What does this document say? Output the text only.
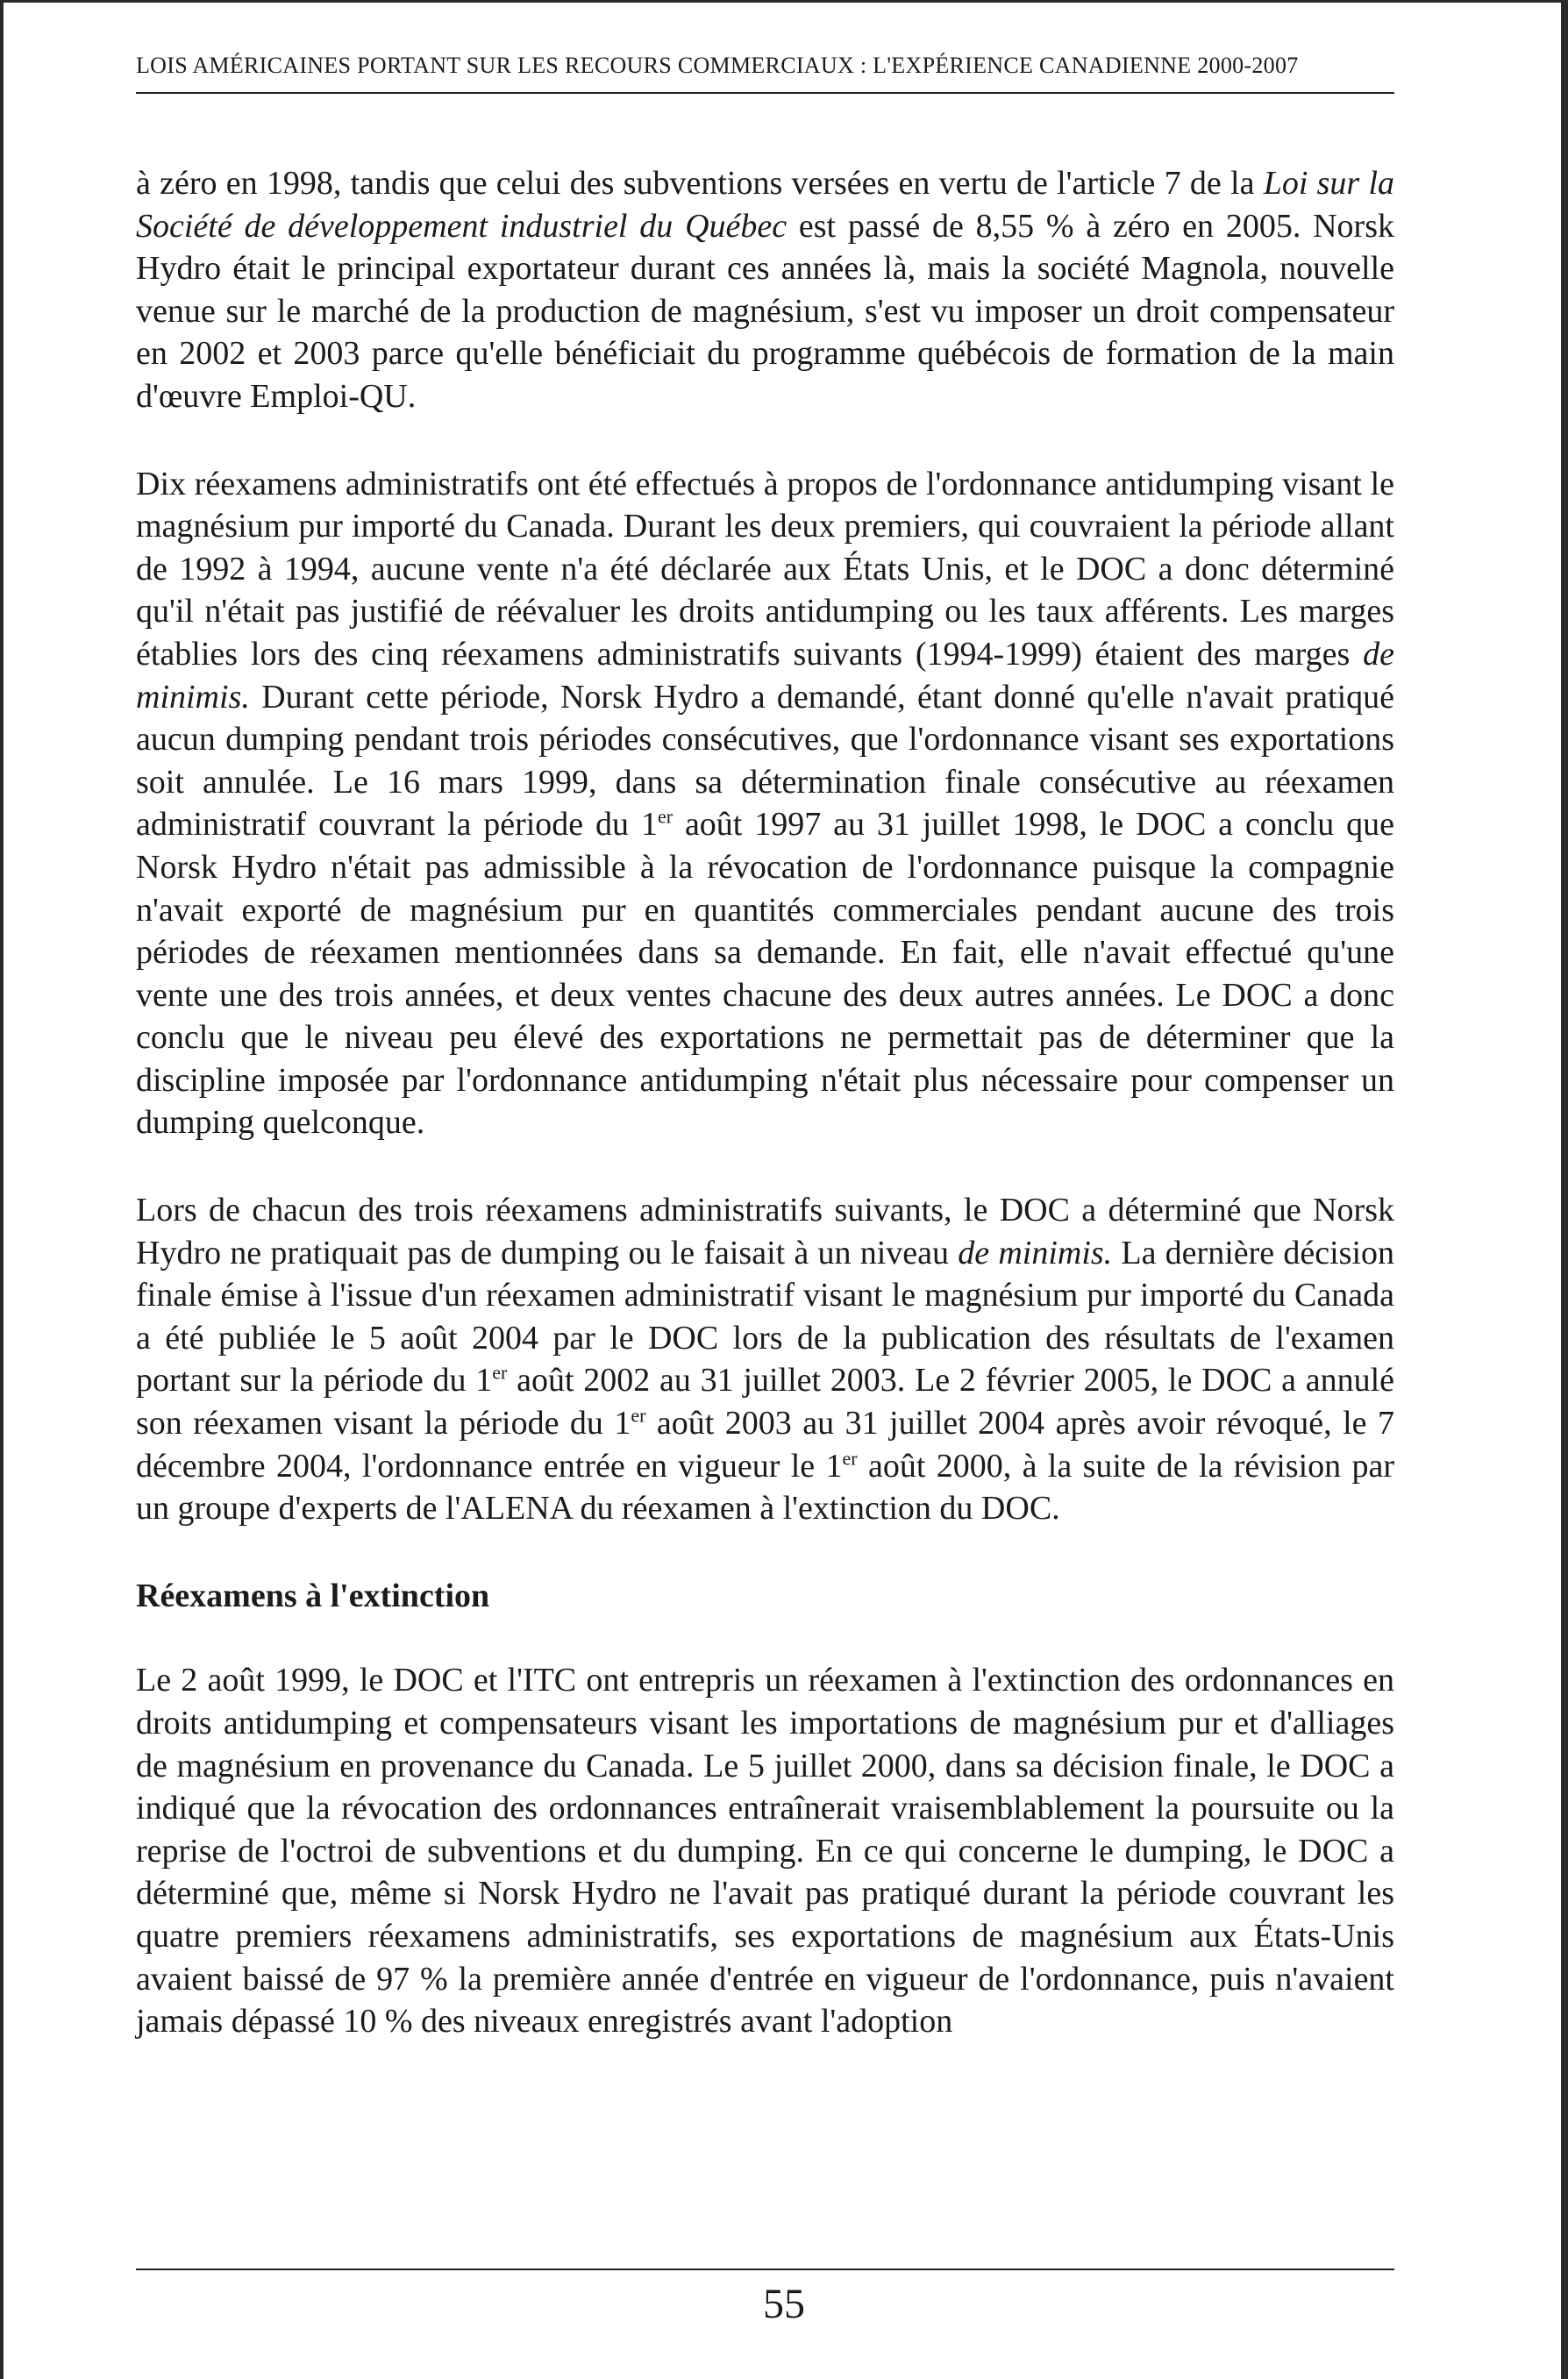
LOIS AMÉRICAINES PORTANT SUR LES RECOURS COMMERCIAUX : L'EXPÉRIENCE CANADIENNE 2000-2007

à zéro en 1998, tandis que celui des subventions versées en vertu de l'article 7 de la Loi sur la Société de développement industriel du Québec est passé de 8,55 % à zéro en 2005. Norsk Hydro était le principal exportateur durant ces années là, mais la société Magnola, nouvelle venue sur le marché de la production de magnésium, s'est vu imposer un droit compensateur en 2002 et 2003 parce qu'elle bénéficiait du programme québécois de formation de la main d'œuvre Emploi-QU.

Dix réexamens administratifs ont été effectués à propos de l'ordonnance antidumping visant le magnésium pur importé du Canada. Durant les deux premiers, qui couvraient la période allant de 1992 à 1994, aucune vente n'a été déclarée aux États Unis, et le DOC a donc déterminé qu'il n'était pas justifié de réévaluer les droits antidumping ou les taux afférents. Les marges établies lors des cinq réexamens administratifs suivants (1994-1999) étaient des marges de minimis. Durant cette période, Norsk Hydro a demandé, étant donné qu'elle n'avait pratiqué aucun dumping pendant trois périodes consécutives, que l'ordonnance visant ses exportations soit annulée. Le 16 mars 1999, dans sa détermination finale consécutive au réexamen administratif couvrant la période du 1er août 1997 au 31 juillet 1998, le DOC a conclu que Norsk Hydro n'était pas admissible à la révocation de l'ordonnance puisque la compagnie n'avait exporté de magnésium pur en quantités commerciales pendant aucune des trois périodes de réexamen mentionnées dans sa demande. En fait, elle n'avait effectué qu'une vente une des trois années, et deux ventes chacune des deux autres années. Le DOC a donc conclu que le niveau peu élevé des exportations ne permettait pas de déterminer que la discipline imposée par l'ordonnance antidumping n'était plus nécessaire pour compenser un dumping quelconque.

Lors de chacun des trois réexamens administratifs suivants, le DOC a déterminé que Norsk Hydro ne pratiquait pas de dumping ou le faisait à un niveau de minimis. La dernière décision finale émise à l'issue d'un réexamen administratif visant le magnésium pur importé du Canada a été publiée le 5 août 2004 par le DOC lors de la publication des résultats de l'examen portant sur la période du 1er août 2002 au 31 juillet 2003. Le 2 février 2005, le DOC a annulé son réexamen visant la période du 1er août 2003 au 31 juillet 2004 après avoir révoqué, le 7 décembre 2004, l'ordonnance entrée en vigueur le 1er août 2000, à la suite de la révision par un groupe d'experts de l'ALENA du réexamen à l'extinction du DOC.

Réexamens à l'extinction

Le 2 août 1999, le DOC et l'ITC ont entrepris un réexamen à l'extinction des ordonnances en droits antidumping et compensateurs visant les importations de magnésium pur et d'alliages de magnésium en provenance du Canada. Le 5 juillet 2000, dans sa décision finale, le DOC a indiqué que la révocation des ordonnances entraînerait vraisemblablement la poursuite ou la reprise de l'octroi de subventions et du dumping. En ce qui concerne le dumping, le DOC a déterminé que, même si Norsk Hydro ne l'avait pas pratiqué durant la période couvrant les quatre premiers réexamens administratifs, ses exportations de magnésium aux États-Unis avaient baissé de 97 % la première année d'entrée en vigueur de l'ordonnance, puis n'avaient jamais dépassé 10 % des niveaux enregistrés avant l'adoption

55
